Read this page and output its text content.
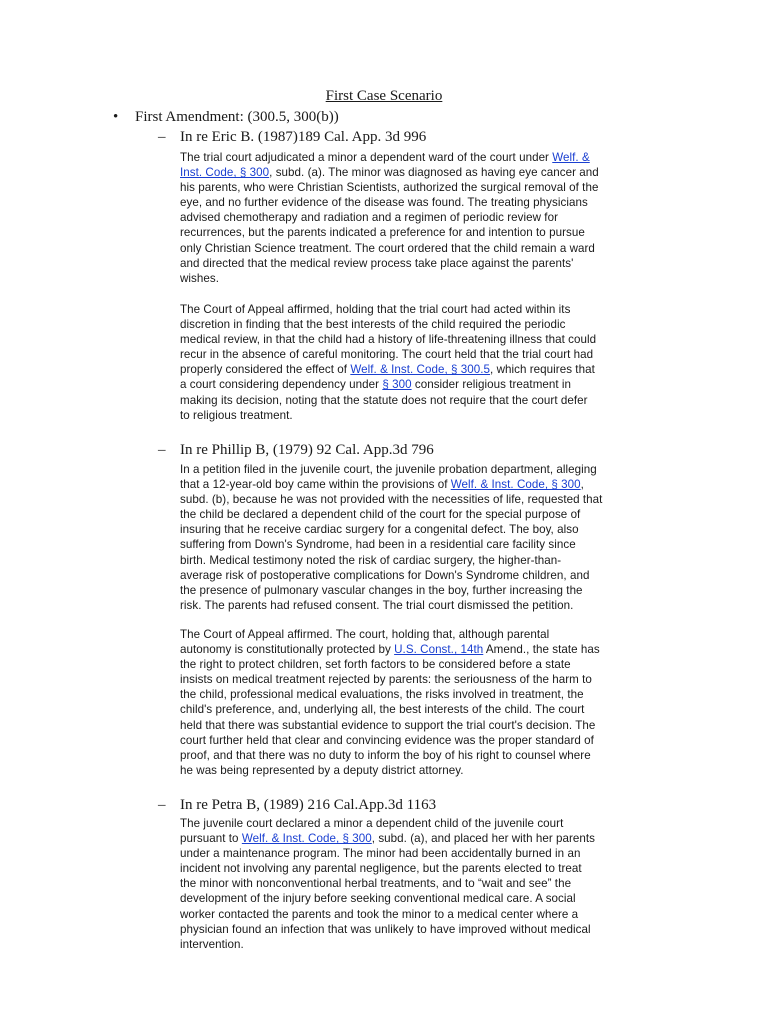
First Case Scenario
• First Amendment: (300.5, 300(b))
– In re Eric B. (1987)189 Cal. App. 3d 996

The trial court adjudicated a minor a dependent ward of the court under Welf. &
Inst. Code, § 300, subd. (a). The minor was diagnosed as having eye cancer and
his parents, who were Christian Scientists, authorized the surgical removal of the
eye, and no further evidence of the disease was found. The treating physicians
advised chemotherapy and radiation and a regimen of periodic review for
recurrences, but the parents indicated a preference for and intention to pursue
only Christian Science treatment. The court ordered that the child remain a ward
and directed that the medical review process take place against the parents'
wishes.

The Court of Appeal affirmed, holding that the trial court had acted within its
discretion in finding that the best interests of the child required the periodic
medical review, in that the child had a history of life-threatening illness that could
recur in the absence of careful monitoring. The court held that the trial court had
properly considered the effect of Welf. & Inst. Code, § 300.5, which requires that
a court considering dependency under § 300 consider religious treatment in
making its decision, noting that the statute does not require that the court defer
to religious treatment.

– In re Phillip B, (1979) 92 Cal. App.3d 796

In a petition filed in the juvenile court, the juvenile probation department, alleging
that a 12-year-old boy came within the provisions of Welf. & Inst. Code, § 300,
subd. (b), because he was not provided with the necessities of life, requested that
the child be declared a dependent child of the court for the special purpose of
insuring that he receive cardiac surgery for a congenital defect. The boy, also
suffering from Down's Syndrome, had been in a residential care facility since
birth. Medical testimony noted the risk of cardiac surgery, the higher-than-
average risk of postoperative complications for Down's Syndrome children, and
the presence of pulmonary vascular changes in the boy, further increasing the
risk. The parents had refused consent. The trial court dismissed the petition.

The Court of Appeal affirmed. The court, holding that, although parental
autonomy is constitutionally protected by U.S. Const., 14th Amend., the state has
the right to protect children, set forth factors to be considered before a state
insists on medical treatment rejected by parents: the seriousness of the harm to
the child, professional medical evaluations, the risks involved in treatment, the
child's preference, and, underlying all, the best interests of the child. The court
held that there was substantial evidence to support the trial court's decision. The
court further held that clear and convincing evidence was the proper standard of
proof, and that there was no duty to inform the boy of his right to counsel where
he was being represented by a deputy district attorney.

– In re Petra B, (1989) 216 Cal.App.3d 1163

The juvenile court declared a minor a dependent child of the juvenile court
pursuant to Welf. & Inst. Code, § 300, subd. (a), and placed her with her parents
under a maintenance program. The minor had been accidentally burned in an
incident not involving any parental negligence, but the parents elected to treat
the minor with nonconventional herbal treatments, and to “wait and see” the
development of the injury before seeking conventional medical care. A social
worker contacted the parents and took the minor to a medical center where a
physician found an infection that was unlikely to have improved without medical
intervention.
